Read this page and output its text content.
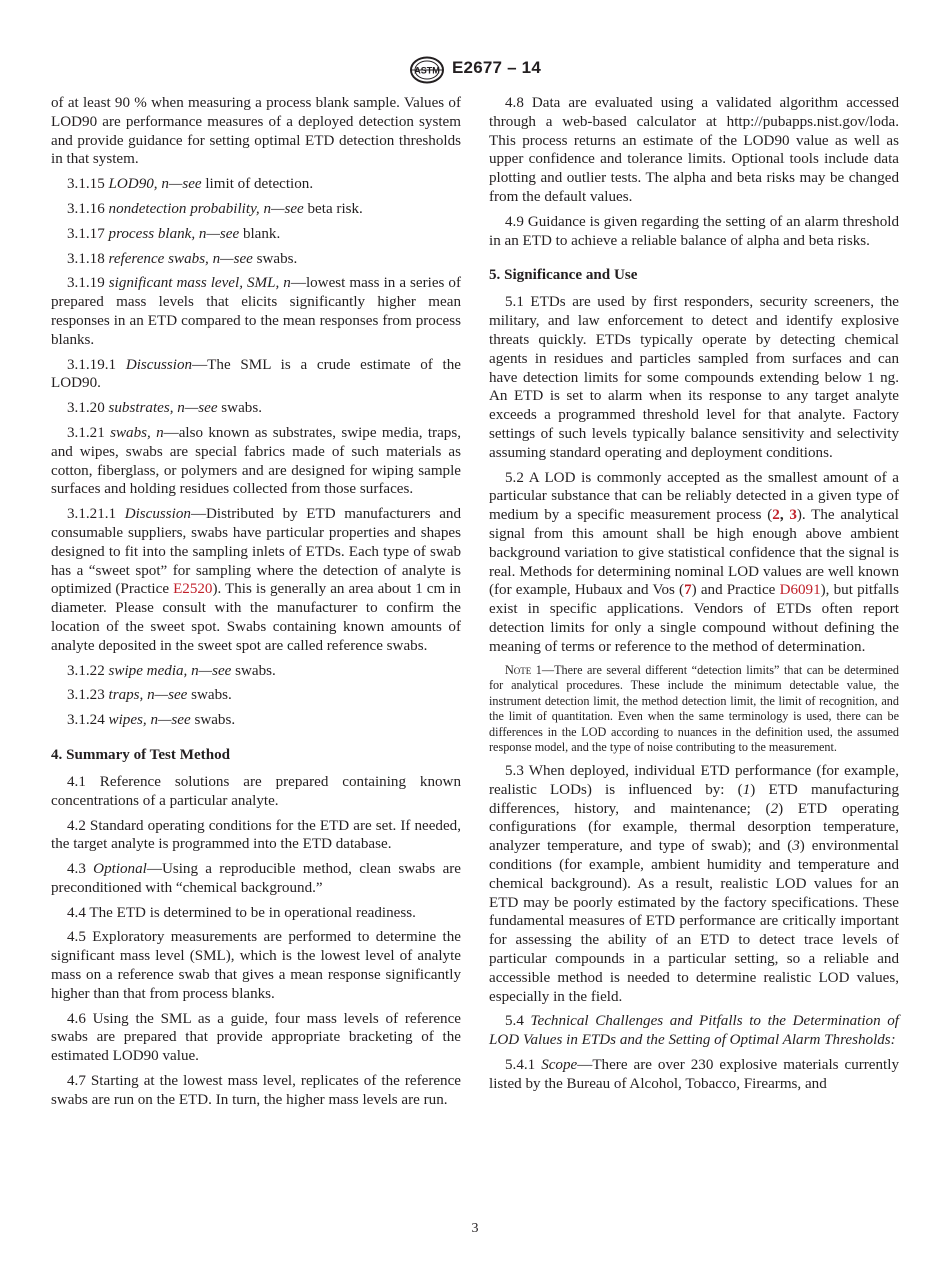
ASTM E2677 – 14

of at least 90 % when measuring a process blank sample. Values of LOD90 are performance measures of a deployed detection system and provide guidance for setting optimal ETD detection thresholds in that system.

3.1.15 LOD90, n—see limit of detection.

3.1.16 nondetection probability, n—see beta risk.

3.1.17 process blank, n—see blank.

3.1.18 reference swabs, n—see swabs.

3.1.19 significant mass level, SML, n—lowest mass in a series of prepared mass levels that elicits significantly higher mean responses in an ETD compared to the mean responses from process blanks.

3.1.19.1 Discussion—The SML is a crude estimate of the LOD90.

3.1.20 substrates, n—see swabs.

3.1.21 swabs, n—also known as substrates, swipe media, traps, and wipes, swabs are special fabrics made of such materials as cotton, fiberglass, or polymers and are designed for wiping sample surfaces and holding residues collected from those surfaces.

3.1.21.1 Discussion—Distributed by ETD manufacturers and consumable suppliers, swabs have particular properties and shapes designed to fit into the sampling inlets of ETDs. Each type of swab has a “sweet spot” for sampling where the detection of analyte is optimized (Practice E2520). This is generally an area about 1 cm in diameter. Please consult with the manufacturer to confirm the location of the sweet spot. Swabs containing known amounts of analyte deposited in the sweet spot are called reference swabs.

3.1.22 swipe media, n—see swabs.

3.1.23 traps, n—see swabs.

3.1.24 wipes, n—see swabs.

4. Summary of Test Method

4.1 Reference solutions are prepared containing known concentrations of a particular analyte.

4.2 Standard operating conditions for the ETD are set. If needed, the target analyte is programmed into the ETD database.

4.3 Optional—Using a reproducible method, clean swabs are preconditioned with “chemical background.”

4.4 The ETD is determined to be in operational readiness.

4.5 Exploratory measurements are performed to determine the significant mass level (SML), which is the lowest level of analyte mass on a reference swab that gives a mean response significantly higher than that from process blanks.

4.6 Using the SML as a guide, four mass levels of reference swabs are prepared that provide appropriate bracketing of the estimated LOD90 value.

4.7 Starting at the lowest mass level, replicates of the reference swabs are run on the ETD. In turn, the higher mass levels are run.

4.8 Data are evaluated using a validated algorithm accessed through a web-based calculator at http://pubapps.nist.gov/loda. This process returns an estimate of the LOD90 value as well as upper confidence and tolerance limits. Optional tools include data plotting and outlier tests. The alpha and beta risks may be changed from the default values.

4.9 Guidance is given regarding the setting of an alarm threshold in an ETD to achieve a reliable balance of alpha and beta risks.

5. Significance and Use

5.1 ETDs are used by first responders, security screeners, the military, and law enforcement to detect and identify explosive threats quickly. ETDs typically operate by detecting chemical agents in residues and particles sampled from surfaces and can have detection limits for some compounds extending below 1 ng. An ETD is set to alarm when its response to any target analyte exceeds a programmed threshold level for that analyte. Factory settings of such levels typically balance sensitivity and selectivity assuming standard operating and deployment conditions.

5.2 A LOD is commonly accepted as the smallest amount of a particular substance that can be reliably detected in a given type of medium by a specific measurement process (2, 3). The analytical signal from this amount shall be high enough above ambient background variation to give statistical confidence that the signal is real. Methods for determining nominal LOD values are well known (for example, Hubaux and Vos (7) and Practice D6091), but pitfalls exist in specific applications. Vendors of ETDs often report detection limits for only a single compound without defining the meaning of terms or reference to the method of determination.

Note 1—There are several different “detection limits” that can be determined for analytical procedures. These include the minimum detectable value, the instrument detection limit, the method detection limit, the limit of recognition, and the limit of quantitation. Even when the same terminology is used, there can be differences in the LOD according to nuances in the definition used, the assumed response model, and the type of noise contributing to the measurement.

5.3 When deployed, individual ETD performance (for example, realistic LODs) is influenced by: (1) ETD manufacturing differences, history, and maintenance; (2) ETD operating configurations (for example, thermal desorption temperature, analyzer temperature, and type of swab); and (3) environmental conditions (for example, ambient humidity and temperature and chemical background). As a result, realistic LOD values for an ETD may be poorly estimated by the factory specifications. These fundamental measures of ETD performance are critically important for assessing the ability of an ETD to detect trace levels of particular compounds in a particular setting, so a reliable and accessible method is needed to determine realistic LOD values, especially in the field.

5.4 Technical Challenges and Pitfalls to the Determination of LOD Values in ETDs and the Setting of Optimal Alarm Thresholds:

5.4.1 Scope—There are over 230 explosive materials currently listed by the Bureau of Alcohol, Tobacco, Firearms, and

3
